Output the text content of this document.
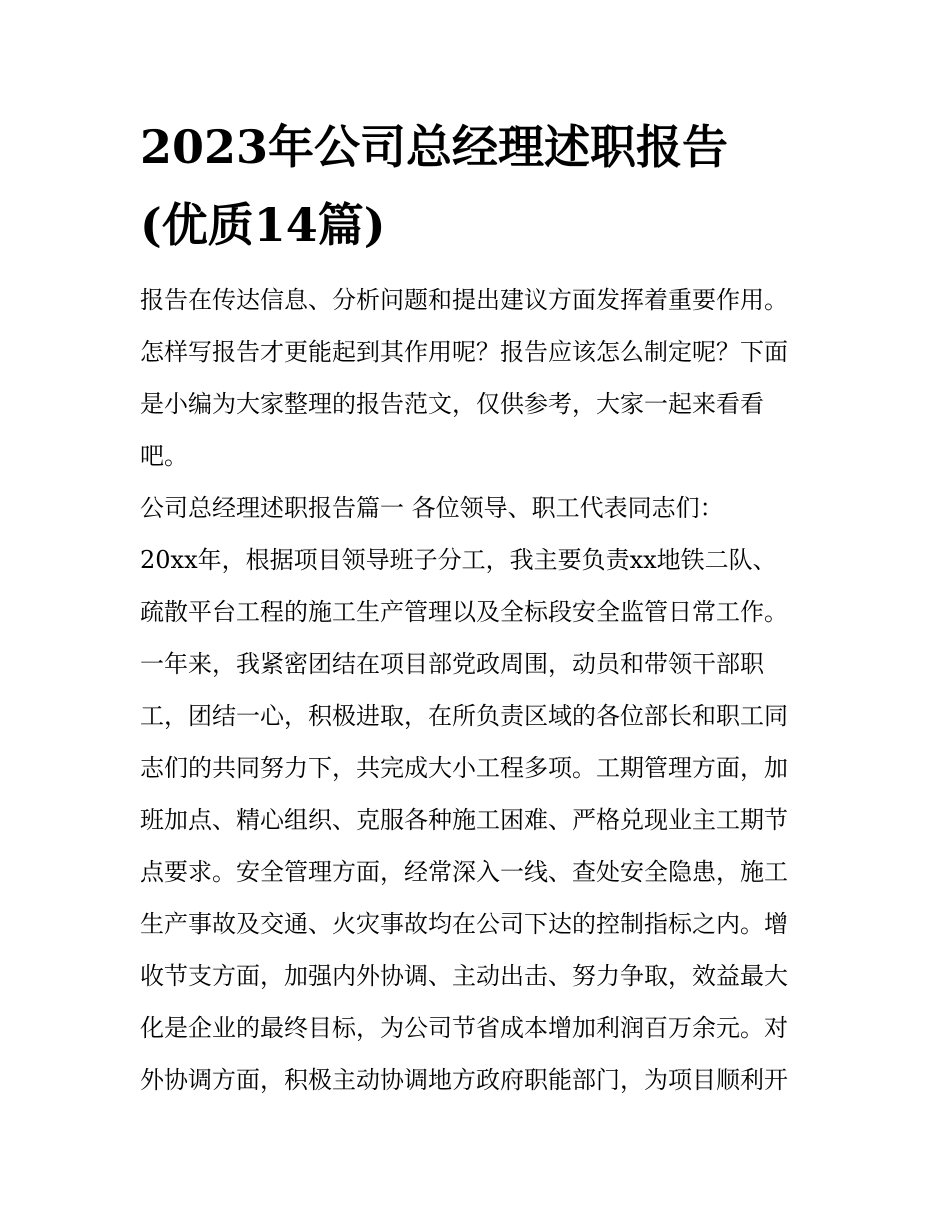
2023年公司总经理述职报告
(优质14篇)
报告在传达信息、分析问题和提出建议方面发挥着重要作用。
怎样写报告才更能起到其作用呢？报告应该怎么制定呢？下面
是小编为大家整理的报告范文，仅供参考，大家一起来看看
吧。
公司总经理述职报告篇一 各位领导、职工代表同志们：
20xx年，根据项目领导班子分工，我主要负责xx地铁二队、
疏散平台工程的施工生产管理以及全标段安全监管日常工作。
一年来，我紧密团结在项目部党政周围，动员和带领干部职
工，团结一心，积极进取，在所负责区域的各位部长和职工同
志们的共同努力下，共完成大小工程多项。工期管理方面，加
班加点、精心组织、克服各种施工困难、严格兑现业主工期节
点要求。安全管理方面，经常深入一线、查处安全隐患，施工
生产事故及交通、火灾事故均在公司下达的控制指标之内。增
收节支方面，加强内外协调、主动出击、努力争取，效益最大
化是企业的最终目标，为公司节省成本增加利润百万余元。对
外协调方面，积极主动协调地方政府职能部门，为项目顺利开
